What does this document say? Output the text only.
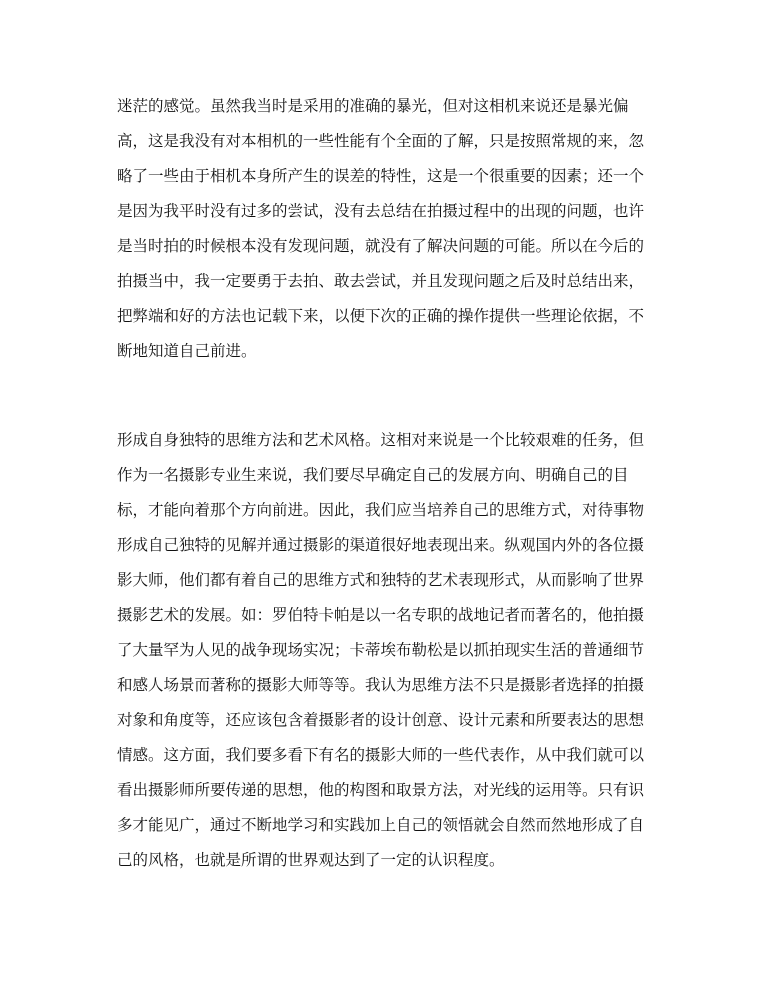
迷茫的感觉。虽然我当时是采用的准确的暴光，但对这相机来说还是暴光偏
高，这是我没有对本相机的一些性能有个全面的了解，只是按照常规的来，忽
略了一些由于相机本身所产生的误差的特性，这是一个很重要的因素；还一个
是因为我平时没有过多的尝试，没有去总结在拍摄过程中的出现的问题，也许
是当时拍的时候根本没有发现问题，就没有了解决问题的可能。所以在今后的
拍摄当中，我一定要勇于去拍、敢去尝试，并且发现问题之后及时总结出来，
把弊端和好的方法也记载下来，以便下次的正确的操作提供一些理论依据，不
断地知道自己前进。
形成自身独特的思维方法和艺术风格。这相对来说是一个比较艰难的任务，但
作为一名摄影专业生来说，我们要尽早确定自己的发展方向、明确自己的目
标，才能向着那个方向前进。因此，我们应当培养自己的思维方式，对待事物
形成自己独特的见解并通过摄影的渠道很好地表现出来。纵观国内外的各位摄
影大师，他们都有着自己的思维方式和独特的艺术表现形式，从而影响了世界
摄影艺术的发展。如：罗伯特卡帕是以一名专职的战地记者而著名的，他拍摄
了大量罕为人见的战争现场实况；卡蒂埃布勒松是以抓拍现实生活的普通细节
和感人场景而著称的摄影大师等等。我认为思维方法不只是摄影者选择的拍摄
对象和角度等，还应该包含着摄影者的设计创意、设计元素和所要表达的思想
情感。这方面，我们要多看下有名的摄影大师的一些代表作，从中我们就可以
看出摄影师所要传递的思想，他的构图和取景方法，对光线的运用等。只有识
多才能见广，通过不断地学习和实践加上自己的领悟就会自然而然地形成了自
己的风格，也就是所谓的世界观达到了一定的认识程度。
